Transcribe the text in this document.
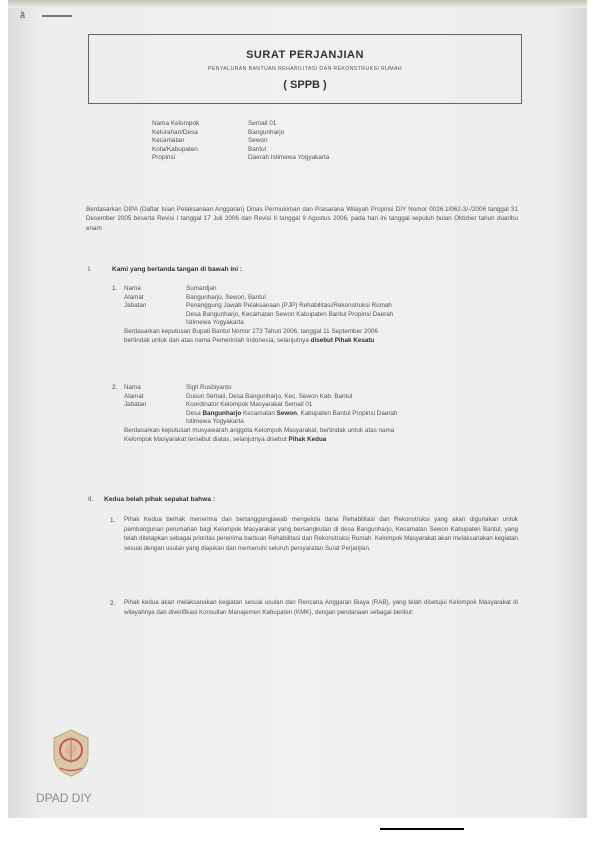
ã
SURAT PERJANJIAN
PENYALURAN BANTUAN REHABILITASI DAN REKONSTRUKSI RUMAH
( SPPB )
Nama Kelompok	Semail 01
Kelurahan/Desa	Bangunharjo
Kecamatan	Sewon
Kota/Kabupaten	Bantul
Propinsi	Daerah Istimewa Yogyakarta
Berdasarkan DIPA (Daftar Isian Pelaksanaan Anggaran) Dinas Permukiman dan Prasarana Wilayah Propinsi DIY Nomor 0026.1/062-3/-/2006 tanggal 31 Desember 2005 beserta Revisi I tanggal 17 Juli 2006 dan Revisi II tanggal 9 Agustus 2006, pada hari ini tanggal sepuluh bulan Oktober tahun duaribu enam
I.	Kami yang bertanda tangan di bawah ini :
1. Nama	Sumardjan
Alamat	Bangunharjo, Sewon, Bantul
Jabatan	Penanggung Jawab Pelaksanaan (PJP) Rehabilitasi/Rekonstruksi Rumah
Desa Bangunharjo, Kecamatan Sewon Kabupaten Bantul Propinsi Daerah
Istimewa Yogyakarta
Berdasarkan keputusan Bupati Bantul Nomor 273 Tahun 2006, tanggal 11 September 2006
bertindak untuk dan atas nama Pemerintah Indonesia, selanjutnya disebut Pihak Kesatu
2. Nama	Sigit Rusbiyanto
Alamat	Dusun Semail, Desa Bangunharjo, Kec. Sewon Kab. Bantul
Jabatan	Koordinator Kelompok Masyarakat Semail 01
Desa Bangunharjo Kecamatan Sewon, Kabupaten Bantul Propinsi Daerah
Istimewa Yogyakarta
Berdasarkan keputusan musyawarah anggota Kelompok Masyarakat, bertindak untuk atas nama
Kelompok Masyarakat tersebut diatas, selanjutnya disebut Pihak Kedua
II. Kedua belah pihak sepakat bahwa :
1. Pihak Kedua berhak menerima dan bertanggungjawab mengelola dana Rehabilitasi dan Rekonstruksi yang akan digunakan untuk pembangunan perumahan bagi Kelompok Masyarakat yang bersangkutan di desa Bangunharjo, Kecamatan Sewon Kabupaten Bantul, yang telah ditetapkan sebagai prioritas penerima bantuan Rehabilitasi dan Rekonstruksi Rumah. Kelompok Masyarakat akan melaksanakan kegiatan sesuai dengan usulan yang diajukan dan memenuhi seluruh persyaratan Surat Perjanjian.
2. Pihak kedua akan melaksanakan kegiatan sesuai usulan dan Rencana Anggaran Biaya (RAB), yang telah disetujui Kelompok Masyarakat di wilayahnya dan diverifikasi Konsultan Manajemen Kabupaten (KMK), dengan pendanaan sebagai berikut:
DPAD DIY
